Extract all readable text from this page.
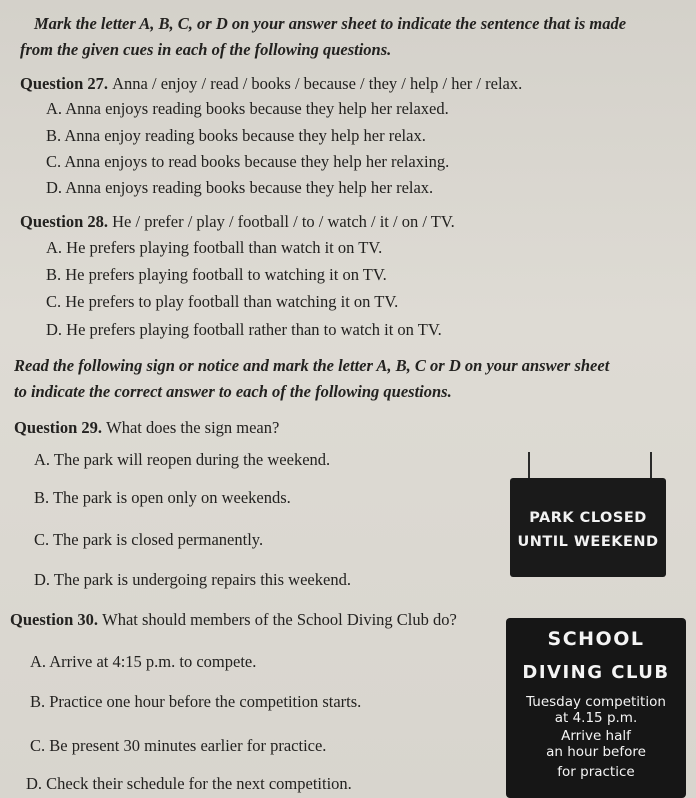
Mark the letter A, B, C, or D on your answer sheet to indicate the sentence that is made
from the given cues in each of the following questions.
Question 27. Anna / enjoy / read / books / because / they / help / her / relax.
A. Anna enjoys reading books because they help her relaxed.
B. Anna enjoy reading books because they help her relax.
C. Anna enjoys to read books because they help her relaxing.
D. Anna enjoys reading books because they help her relax.
Question 28. He / prefer / play / football / to / watch / it / on / TV.
A. He prefers playing football than watch it on TV.
B. He prefers playing football to watching it on TV.
C. He prefers to play football than watching it on TV.
D. He prefers playing football rather than to watch it on TV.
Read the following sign or notice and mark the letter A, B, C or D on your answer sheet
to indicate the correct answer to each of the following questions.
Question 29. What does the sign mean?
A. The park will reopen during the weekend.
B. The park is open only on weekends.
C. The park is closed permanently.
D. The park is undergoing repairs this weekend.
PARK CLOSED
UNTIL WEEKEND
Question 30. What should members of the School Diving Club do?
A. Arrive at 4:15 p.m. to compete.
B. Practice one hour before the competition starts.
C. Be present 30 minutes earlier for practice.
D. Check their schedule for the next competition.
SCHOOL
DIVING CLUB
Tuesday competition
at 4.15 p.m.
Arrive half
an hour before
for practice
